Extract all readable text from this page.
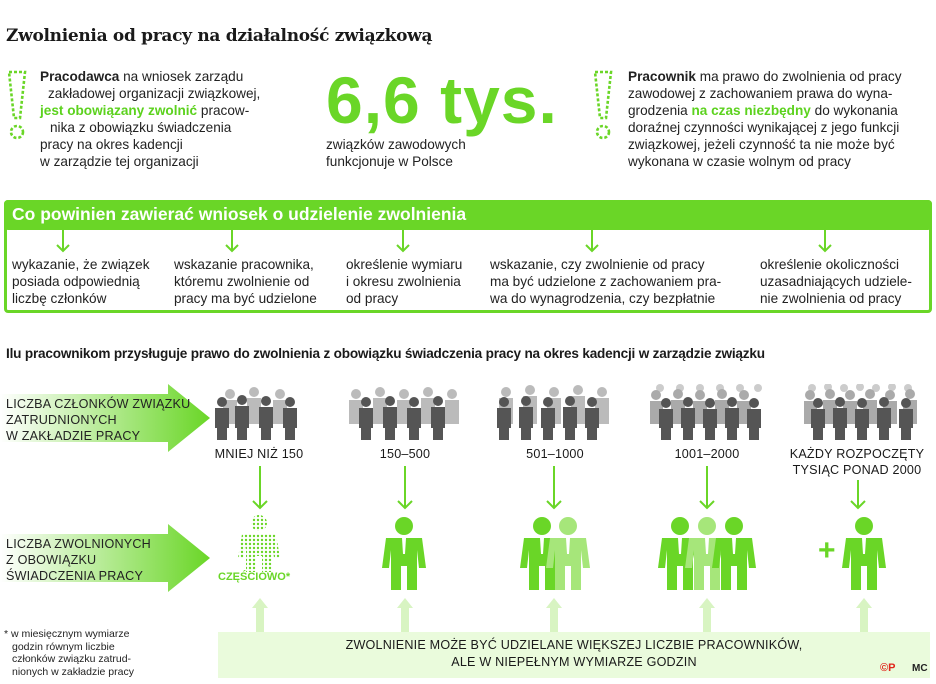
Zwolnienia od pracy na działalność związkową
Pracodawca na wniosek zarządu
zakładowej organizacji związkowej,
jest obowiązany zwolnić pracow-
nika z obowiązku świadczenia
pracy na okres kadencji
w zarządzie tej organizacji
6,6 tys.
związków zawodowych
funkcjonuje w Polsce
Pracownik ma prawo do zwolnienia od pracy
zawodowej z zachowaniem prawa do wyna-
grodzenia na czas niezbędny do wykonania
doraźnej czynności wynikającej z jego funkcji
związkowej, jeżeli czynność ta nie może być
wykonana w czasie wolnym od pracy
Co powinien zawierać wniosek o udzielenie zwolnienia
wykazanie, że związek
posiada odpowiednią
liczbę członków
wskazanie pracownika,
któremu zwolnienie od
pracy ma być udzielone
określenie wymiaru
i okresu zwolnienia
od pracy
wskazanie, czy zwolnienie od pracy
ma być udzielone z zachowaniem pra-
wa do wynagrodzenia, czy bezpłatnie
określenie okoliczności
uzasadniających udziele-
nie zwolnienia od pracy
Ilu pracownikom przysługuje prawo do zwolnienia z obowiązku świadczenia pracy na okres kadencji w zarządzie związku
LICZBA CZŁONKÓW ZWIĄZKU
ZATRUDNIONYCH
W ZAKŁADZIE PRACY
LICZBA ZWOLNIONYCH
Z OBOWIĄZKU
ŚWIADCZENIA PRACY
MNIEJ NIŻ 150	150–500	501–1000	1001–2000	KAŻDY ROZPOCZĘTY
TYSIĄC PONAD 2000
CZĘŚCIOWO*
+
ZWOLNIENIE MOŻE BYĆ UDZIELANE WIĘKSZEJ LICZBIE PRACOWNIKÓW,
ALE W NIEPEŁNYM WYMIARZE GODZIN
* w miesięcznym wymiarze
godzin równym liczbie
członków związku zatrud-
nionych w zakładzie pracy	©P MC
